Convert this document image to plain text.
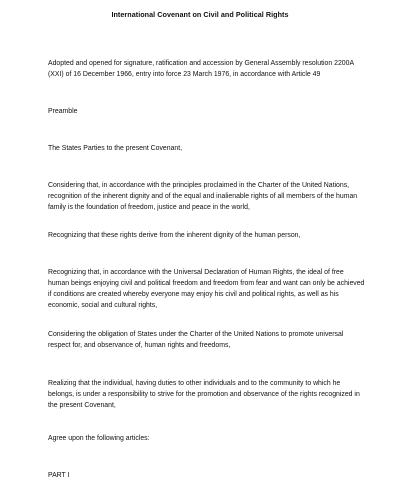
International Covenant on Civil and Political Rights

Adopted and opened for signature, ratification and accession by General Assembly resolution 2200A (XXI) of 16 December 1966, entry into force 23 March 1976, in accordance with Article 49

Preamble

The States Parties to the present Covenant,

Considering that, in accordance with the principles proclaimed in the Charter of the United Nations, recognition of the inherent dignity and of the equal and inalienable rights of all members of the human family is the foundation of freedom, justice and peace in the world,

Recognizing that these rights derive from the inherent dignity of the human person,

Recognizing that, in accordance with the Universal Declaration of Human Rights, the ideal of free human beings enjoying civil and political freedom and freedom from fear and want can only be achieved if conditions are created whereby everyone may enjoy his civil and political rights, as well as his economic, social and cultural rights,

Considering the obligation of States under the Charter of the United Nations to promote universal respect for, and observance of, human rights and freedoms,

Realizing that the individual, having duties to other individuals and to the community to which he belongs, is under a responsibility to strive for the promotion and observance of the rights recognized in the present Covenant,

Agree upon the following articles:

PART I
